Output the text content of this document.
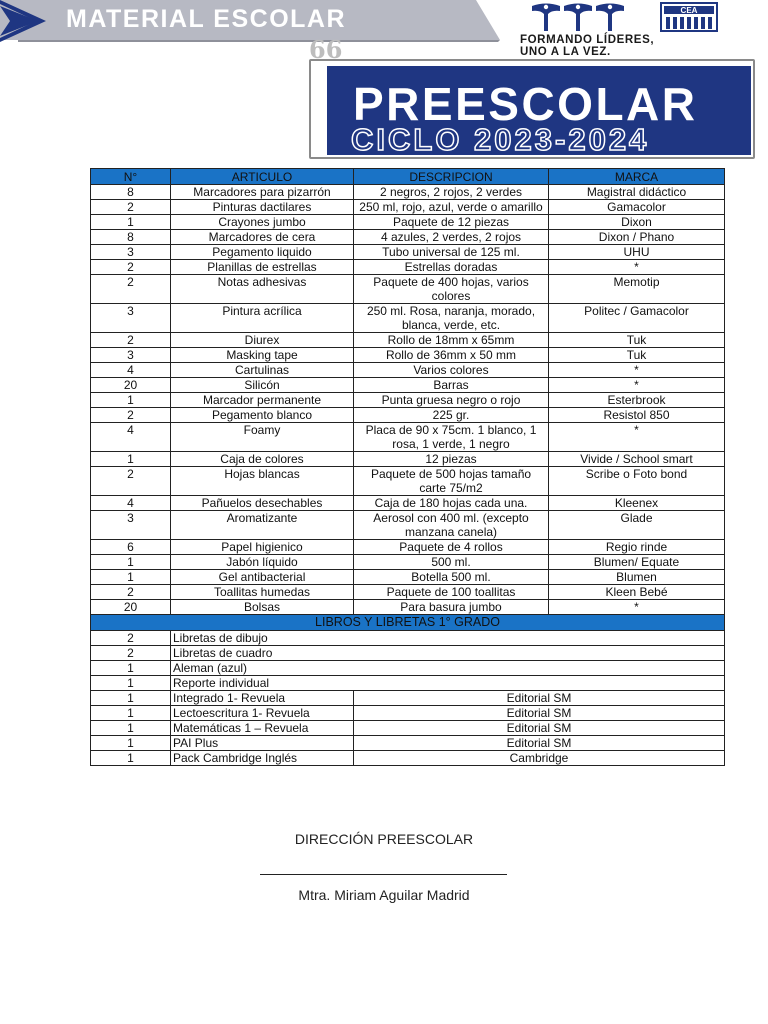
MATERIAL ESCOLAR
66
CEA
FORMANDO LÍDERES,
UNO A LA VEZ.
PREESCOLAR
CICLO 2023-2024
N°	ARTICULO	DESCRIPCION	MARCA
8	Marcadores para pizarrón	2 negros, 2 rojos, 2 verdes	Magistral didáctico
2	Pinturas dactilares	250 ml, rojo, azul, verde o amarillo	Gamacolor
1	Crayones jumbo	Paquete de 12 piezas	Dixon
8	Marcadores de cera	4 azules, 2 verdes, 2 rojos	Dixon / Phano
3	Pegamento liquido	Tubo universal de 125 ml.	UHU
2	Planillas de estrellas	Estrellas doradas	*
2	Notas adhesivas	Paquete de 400 hojas, varios colores	Memotip
3	Pintura acrílica	250 ml. Rosa, naranja, morado, blanca, verde, etc.	Politec / Gamacolor
2	Diurex	Rollo de 18mm x 65mm	Tuk
3	Masking tape	Rollo de 36mm x 50 mm	Tuk
4	Cartulinas	Varios colores	*
20	Silicón	Barras	*
1	Marcador permanente	Punta gruesa negro o rojo	Esterbrook
2	Pegamento blanco	225 gr.	Resistol 850
4	Foamy	Placa de 90 x 75cm. 1 blanco, 1 rosa, 1 verde, 1 negro	*
1	Caja de colores	12 piezas	Vivide / School smart
2	Hojas blancas	Paquete de 500 hojas tamaño carte 75/m2	Scribe o Foto bond
4	Pañuelos desechables	Caja de 180 hojas cada una.	Kleenex
3	Aromatizante	Aerosol con 400 ml. (excepto manzana canela)	Glade
6	Papel higienico	Paquete de 4 rollos	Regio rinde
1	Jabón líquido	500 ml.	Blumen/ Equate
1	Gel antibacterial	Botella 500 ml.	Blumen
2	Toallitas humedas	Paquete de 100 toallitas	Kleen Bebé
20	Bolsas	Para basura jumbo	*
LIBROS Y LIBRETAS 1° GRADO			
2	Libretas de dibujo		
2	Libretas de cuadro		
1	Aleman (azul)		
1	Reporte individual		
1	Integrado 1- Revuela	Editorial SM	
1	Lectoescritura 1- Revuela	Editorial SM	
1	Matemáticas 1 – Revuela	Editorial SM	
1	PAI Plus	Editorial SM	
1	Pack Cambridge Inglés	Cambridge	
DIRECCIÓN PREESCOLAR
Mtra. Miriam Aguilar Madrid
